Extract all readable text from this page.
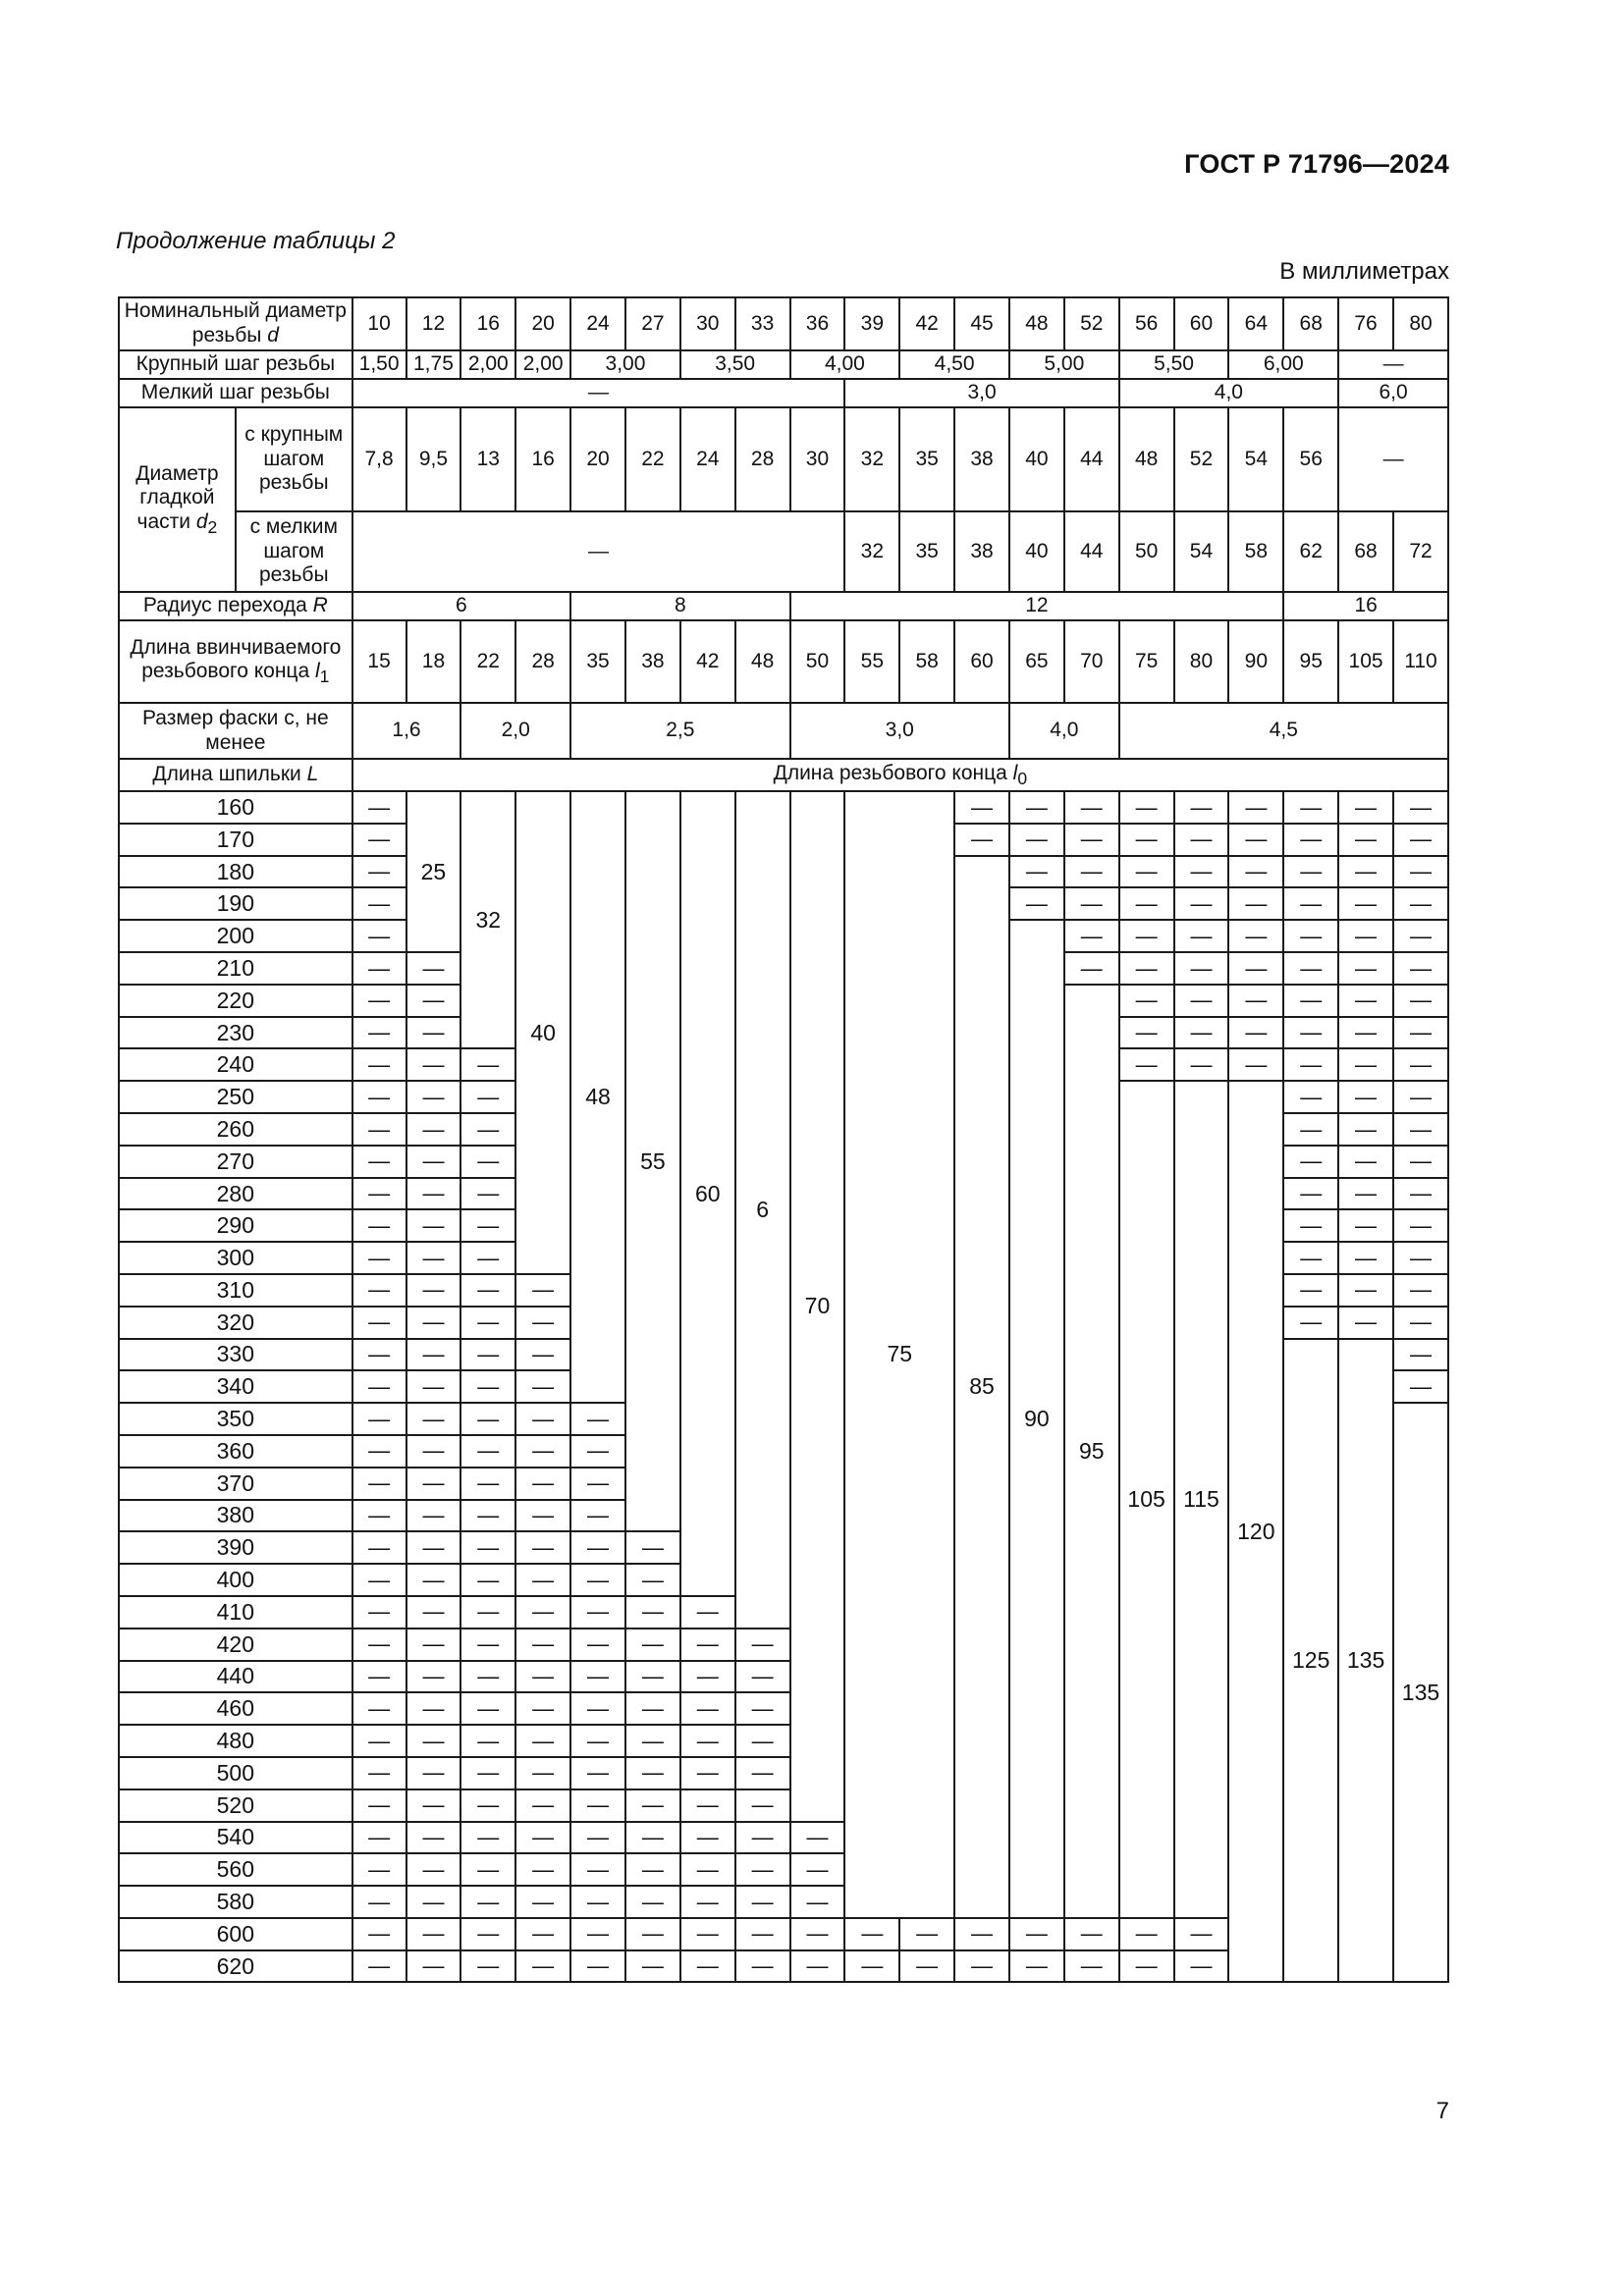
ГОСТ Р 71796—2024
Продолжение таблицы 2
В миллиметрах
Номинальный диаметр резьбы d		10	12	16	20	24	27	30	33	36	39	42	45	48	52	56	60	64	68	76	80
Крупный шаг резьбы		1,50	1,75	2,00	2,00	3,00		3,50		4,00		4,50		5,00		5,50		6,00		—	
Мелкий шаг резьбы		—									3,0					4,0				6,0	
Диаметр гладкой части $d_2$	с крупным шагом резьбы	7,8	9,5	13	16	20	22	24	28	30	32	35	38	40	44	48	52	54	56	—	
	с мелким шагом резьбы	—									32	35	38	40	44	50	54	58	62	68	72
Радиус перехода R		6				8				12									16		
Длина ввинчиваемого резьбового конца $l_1$		15	18	22	28	35	38	42	48	50	55	58	60	65	70	75	80	90	95	105	110
Размер фаски c, не менее		1,6		2,0		2,5				3,0				4,0		4,5					
Длина шпильки L		Длина резьбового конца $l_0$
160		—	25	32	40	48	55	60	6	70	75		—	—	—	—	—	—	—	—	—
170		—											—	—	—	—	—	—	—	—	—
180		—											85	—	—	—	—	—	—	—	—
190		—												—	—	—	—	—	—	—	—
200		—												90	—	—	—	—	—	—	—
210		—	—												—	—	—	—	—	—	—
220		—	—												95	—	—	—	—	—	—
230		—	—													—	—	—	—	—	—
240		—	—	—												—	—	—	—	—	—
250		—	—	—												105	115	120	—	—	—
260		—	—	—															—	—	—
270		—	—	—															—	—	—
280		—	—	—															—	—	—
290		—	—	—															—	—	—
300		—	—	—															—	—	—
310		—	—	—	—														—	—	—
320		—	—	—	—														—	—	—
330		—	—	—	—														125	135	—
340		—	—	—	—																—
350		—	—	—	—	—															135
360		—	—	—	—	—															
370		—	—	—	—	—															
380		—	—	—	—	—															
390		—	—	—	—	—	—														
400		—	—	—	—	—	—														
410		—	—	—	—	—	—	—													
420		—	—	—	—	—	—	—	—												
440		—	—	—	—	—	—	—	—												
460		—	—	—	—	—	—	—	—												
480		—	—	—	—	—	—	—	—												
500		—	—	—	—	—	—	—	—												
520		—	—	—	—	—	—	—	—												
540		—	—	—	—	—	—	—	—	—											
560		—	—	—	—	—	—	—	—	—											
580		—	—	—	—	—	—	—	—	—											
600		—	—	—	—	—	—	—	—	—	—	—	—	—	—	—	—				
620		—	—	—	—	—	—	—	—	—	—	—	—	—	—	—	—				
7
